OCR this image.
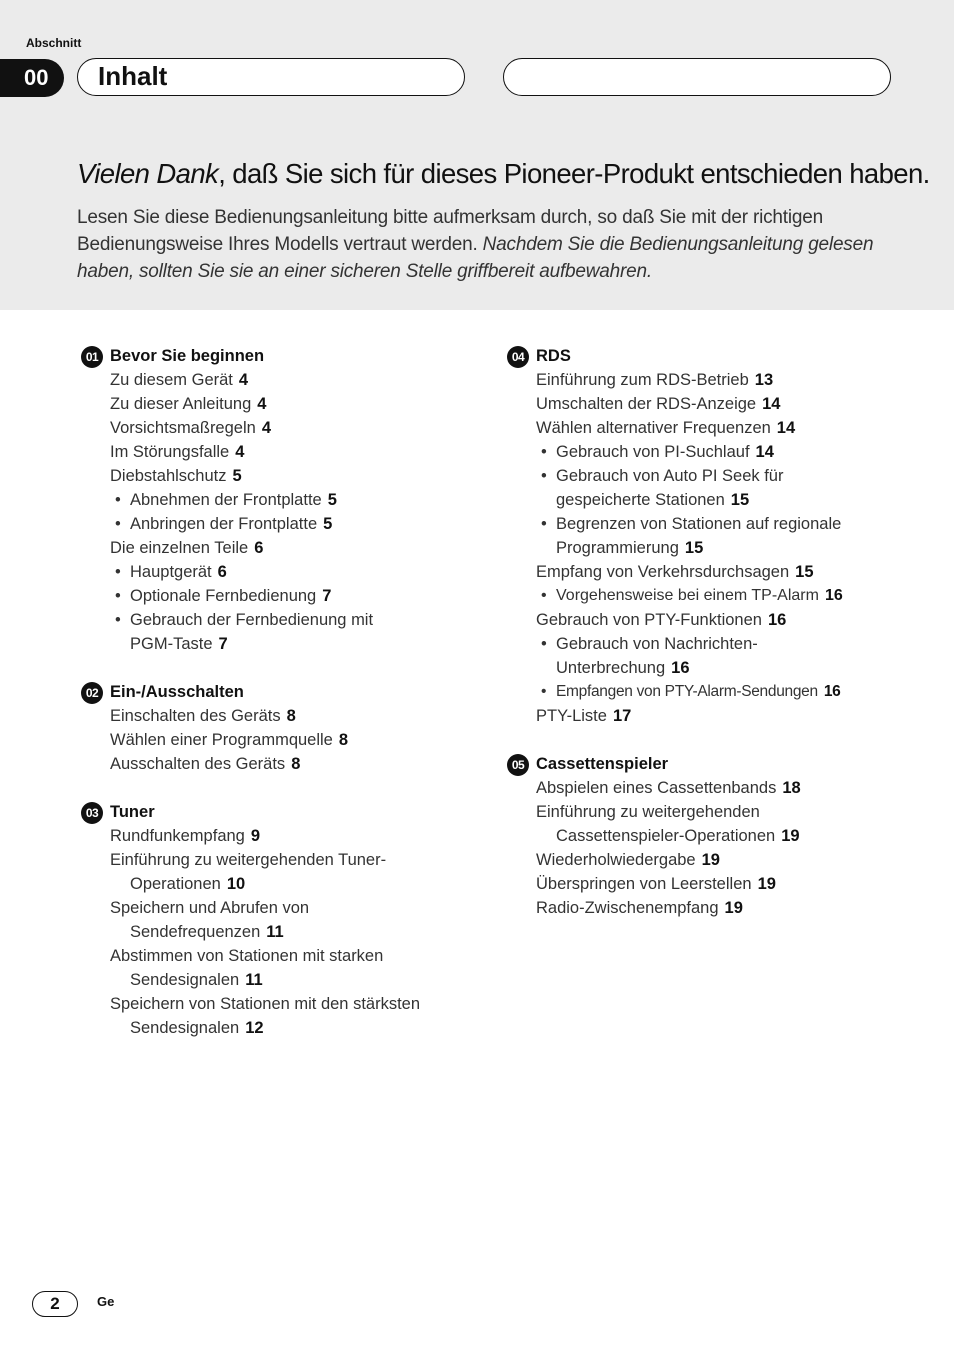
Abschnitt
00	Inhalt
Vielen Dank, daß Sie sich für dieses Pioneer-Produkt entschieden haben.
Lesen Sie diese Bedienungsanleitung bitte aufmerksam durch, so daß Sie mit der richtigen Bedienungsweise Ihres Modells vertraut werden. Nachdem Sie die Bedienungsanleitung gelesen haben, sollten Sie sie an einer sicheren Stelle griffbereit aufbewahren.
01 Bevor Sie beginnen
Zu diesem Gerät 4
Zu dieser Anleitung 4
Vorsichtsmaßregeln 4
Im Störungsfalle 4
Diebstahlschutz 5
• Abnehmen der Frontplatte 5
• Anbringen der Frontplatte 5
Die einzelnen Teile 6
• Hauptgerät 6
• Optionale Fernbedienung 7
• Gebrauch der Fernbedienung mit
PGM-Taste 7
02 Ein-/Ausschalten
Einschalten des Geräts 8
Wählen einer Programmquelle 8
Ausschalten des Geräts 8
03 Tuner
Rundfunkempfang 9
Einführung zu weitergehenden Tuner-
Operationen 10
Speichern und Abrufen von
Sendefrequenzen 11
Abstimmen von Stationen mit starken
Sendesignalen 11
Speichern von Stationen mit den stärksten
Sendesignalen 12
04 RDS
Einführung zum RDS-Betrieb 13
Umschalten der RDS-Anzeige 14
Wählen alternativer Frequenzen 14
• Gebrauch von PI-Suchlauf 14
• Gebrauch von Auto PI Seek für
gespeicherte Stationen 15
• Begrenzen von Stationen auf regionale
Programmierung 15
Empfang von Verkehrsdurchsagen 15
• Vorgehensweise bei einem TP-Alarm 16
Gebrauch von PTY-Funktionen 16
• Gebrauch von Nachrichten-
Unterbrechung 16
• Empfangen von PTY-Alarm-Sendungen 16
PTY-Liste 17
05 Cassettenspieler
Abspielen eines Cassettenbands 18
Einführung zu weitergehenden
Cassettenspieler-Operationen 19
Wiederholwiedergabe 19
Überspringen von Leerstellen 19
Radio-Zwischenempfang 19
2	Ge
